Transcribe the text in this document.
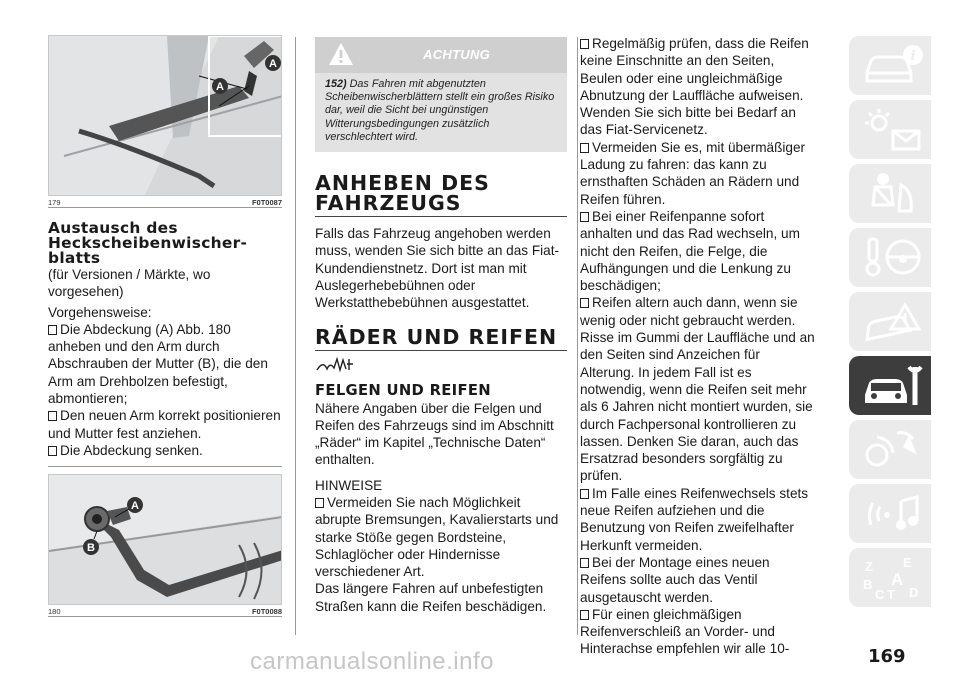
A
A
179	F0T0087
Austausch des Heckscheibenwischer-blatts

(für Versionen / Märkte, wo vorgesehen)

Vorgehensweise:

Die Abdeckung (A) Abb. 180 anheben und den Arm durch Abschrauben der Mutter (B), die den Arm am Drehbolzen befestigt, abmontieren;
Den neuen Arm korrekt positionieren und Mutter fest anziehen.
Die Abdeckung senken.
A
B
180	F0T0088
ACHTUNG
152) Das Fahren mit abgenutzten Scheibenwischerblättern stellt ein großes Risiko dar, weil die Sicht bei ungünstigen Witterungsbedingungen zusätzlich verschlechtert wird.
ANHEBEN DES FAHRZEUGS

Falls das Fahrzeug angehoben werden muss, wenden Sie sich bitte an das Fiat-Kundendienstnetz. Dort ist man mit Auslegerhebebühnen oder Werkstatthebebühnen ausgestattet.

RÄDER UND REIFEN
FELGEN UND REIFEN

Nähere Angaben über die Felgen und Reifen des Fahrzeugs sind im Abschnitt „Räder“ im Kapitel „Technische Daten“ enthalten.

HINWEISE

Vermeiden Sie nach Möglichkeit abrupte Bremsungen, Kavalierstarts und starke Stöße gegen Bordsteine, Schlaglöcher oder Hindernisse verschiedener Art.

Das längere Fahren auf unbefestigten Straßen kann die Reifen beschädigen.

Regelmäßig prüfen, dass die Reifen keine Einschnitte an den Seiten, Beulen oder eine ungleichmäßige Abnutzung der Lauffläche aufweisen. Wenden Sie sich bitte bei Bedarf an das Fiat-Servicenetz.
Vermeiden Sie es, mit übermäßiger Ladung zu fahren: das kann zu ernsthaften Schäden an Rädern und Reifen führen.
Bei einer Reifenpanne sofort anhalten und das Rad wechseln, um nicht den Reifen, die Felge, die Aufhängungen und die Lenkung zu beschädigen;
Reifen altern auch dann, wenn sie wenig oder nicht gebraucht werden. Risse im Gummi der Lauffläche und an den Seiten sind Anzeichen für Alterung. In jedem Fall ist es notwendig, wenn die Reifen seit mehr als 6 Jahren nicht montiert wurden, sie durch Fachpersonal kontrollieren zu lassen. Denken Sie daran, auch das Ersatzrad besonders sorgfältig zu prüfen.
Im Falle eines Reifenwechsels stets neue Reifen aufziehen und die Benutzung von Reifen zweifelhafter Herkunft vermeiden.
Bei der Montage eines neuen Reifens sollte auch das Ventil ausgetauscht werden.
Für einen gleichmäßigen Reifenverschleiß an Vorder- und Hinterachse empfehlen wir alle 10-
i
Z E
A
B
C T D
169
carmanualsonline.info
